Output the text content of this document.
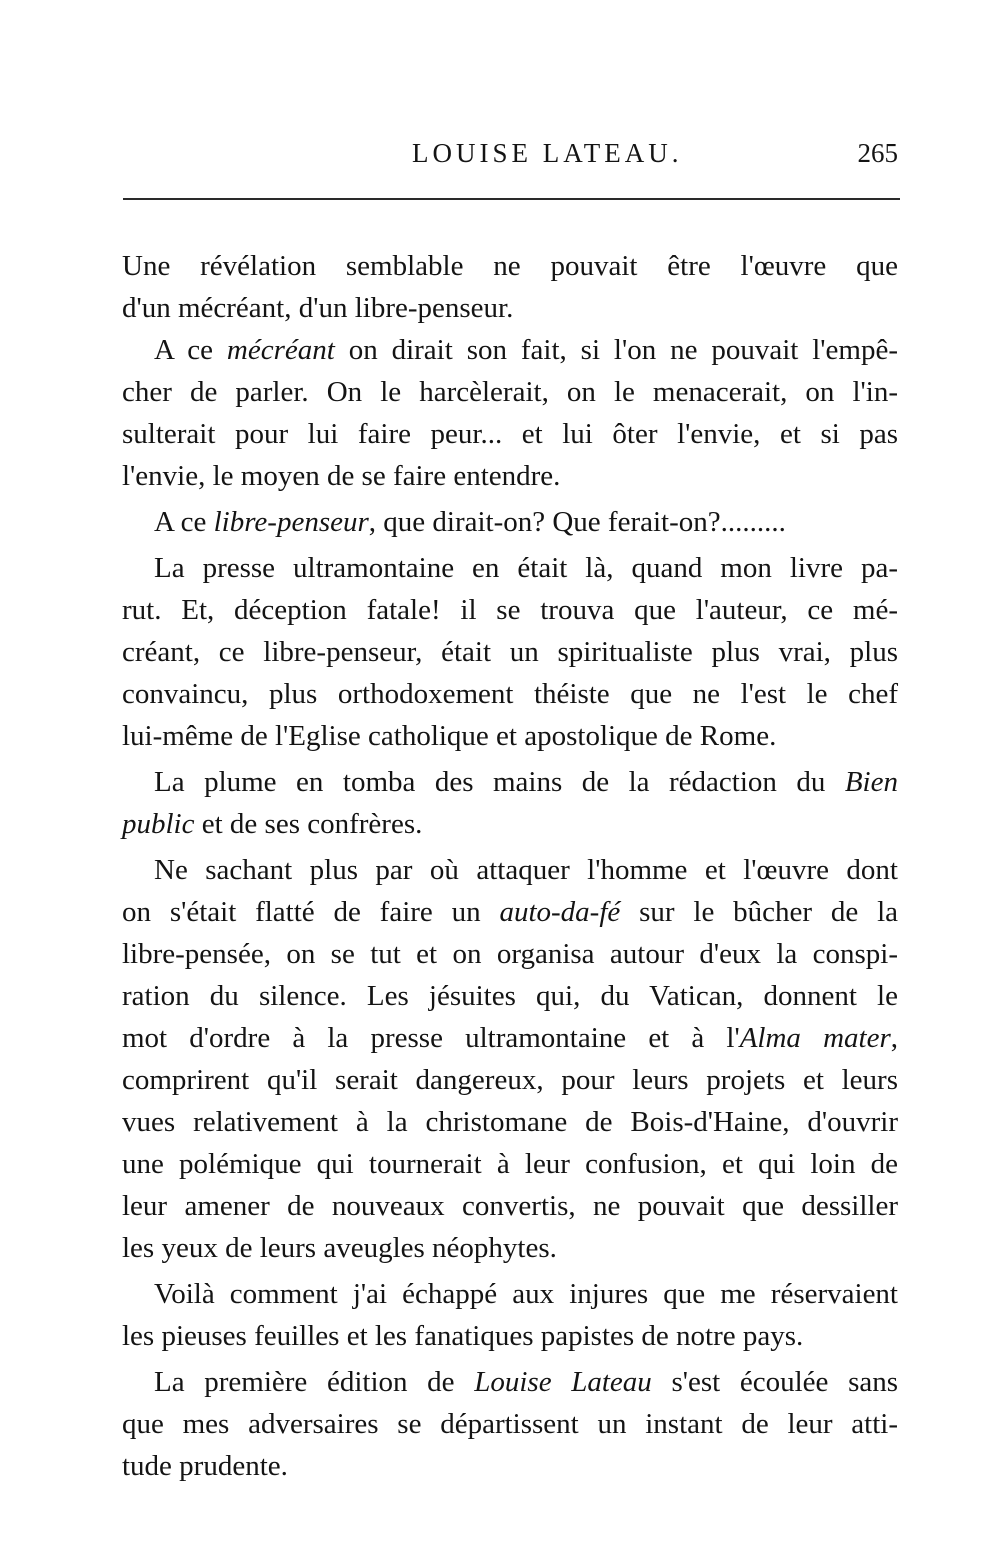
LOUISE LATEAU.	265
Une révélation semblable ne pouvait être l'œuvre que
d'un mécréant, d'un libre-penseur.
A ce mécréant on dirait son fait, si l'on ne pouvait l'empê-
cher de parler. On le harcèlerait, on le menacerait, on l'in-
sulterait pour lui faire peur... et lui ôter l'envie, et si pas
l'envie, le moyen de se faire entendre.
A ce libre-penseur, que dirait-on? Que ferait-on?.........
La presse ultramontaine en était là, quand mon livre pa-
rut. Et, déception fatale! il se trouva que l'auteur, ce mé-
créant, ce libre-penseur, était un spiritualiste plus vrai, plus
convaincu, plus orthodoxement théiste que ne l'est le chef
lui-même de l'Eglise catholique et apostolique de Rome.
La plume en tomba des mains de la rédaction du Bien
public et de ses confrères.
Ne sachant plus par où attaquer l'homme et l'œuvre dont
on s'était flatté de faire un auto-da-fé sur le bûcher de la
libre-pensée, on se tut et on organisa autour d'eux la conspi-
ration du silence. Les jésuites qui, du Vatican, donnent le
mot d'ordre à la presse ultramontaine et à l'Alma mater,
comprirent qu'il serait dangereux, pour leurs projets et leurs
vues relativement à la christomane de Bois-d'Haine, d'ouvrir
une polémique qui tournerait à leur confusion, et qui loin de
leur amener de nouveaux convertis, ne pouvait que dessiller
les yeux de leurs aveugles néophytes.
Voilà comment j'ai échappé aux injures que me réservaient
les pieuses feuilles et les fanatiques papistes de notre pays.
La première édition de Louise Lateau s'est écoulée sans
que mes adversaires se départissent un instant de leur atti-
tude prudente.
